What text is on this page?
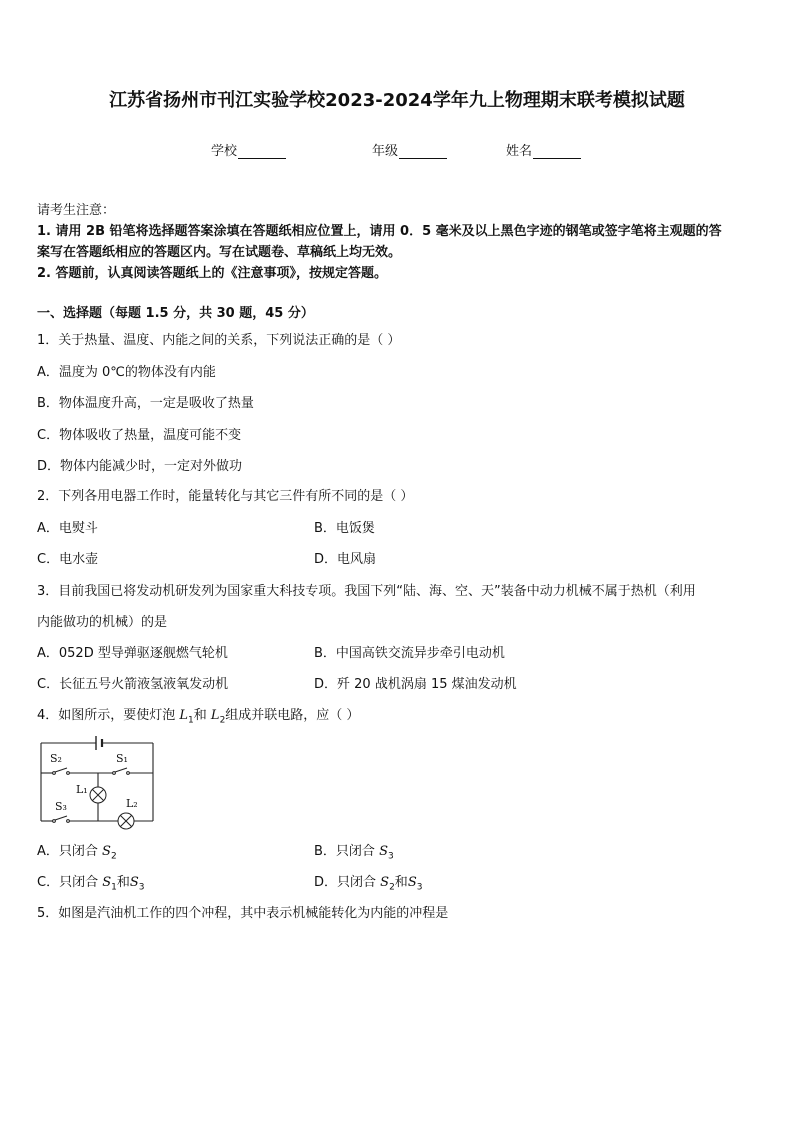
江苏省扬州市刊江实验学校2023-2024学年九上物理期末联考模拟试题
学校	年级	姓名
请考生注意：
1. 请用 2B 铅笔将选择题答案涂填在答题纸相应位置上，请用 0．5 毫米及以上黑色字迹的钢笔或签字笔将主观题的答
案写在答题纸相应的答题区内。写在试题卷、草稿纸上均无效。
2. 答题前，认真阅读答题纸上的《注意事项》，按规定答题。
一、选择题（每题 1.5 分，共 30 题，45 分）
1．关于热量、温度、内能之间的关系，下列说法正确的是（ ）
A．温度为 0℃的物体没有内能
B．物体温度升高，一定是吸收了热量
C．物体吸收了热量，温度可能不变
D．物体内能减少时，一定对外做功
2．下列各用电器工作时，能量转化与其它三件有所不同的是（ ）
A．电熨斗	B．电饭煲
C．电水壶	D．电风扇
3．目前我国已将发动机研发列为国家重大科技专项。我国下列“陆、海、空、天”装备中动力机械不属于热机（利用
内能做功的机械）的是
A．052D 型导弹驱逐舰燃气轮机	B．中国高铁交流异步牵引电动机
C．长征五号火箭液氢液氧发动机	D．歼 20 战机涡扇 15 煤油发动机
4．如图所示，要使灯泡 $L_1$和 $L_2$组成并联电路，应（ ）
S₂	S₁
L₁
S₃	L₂
A．只闭合 $S_2$	B．只闭合 $S_3$
C．只闭合 $S_1$和$S_3$	D．只闭合 $S_2$和$S_3$
5．如图是汽油机工作的四个冲程，其中表示机械能转化为内能的冲程是
